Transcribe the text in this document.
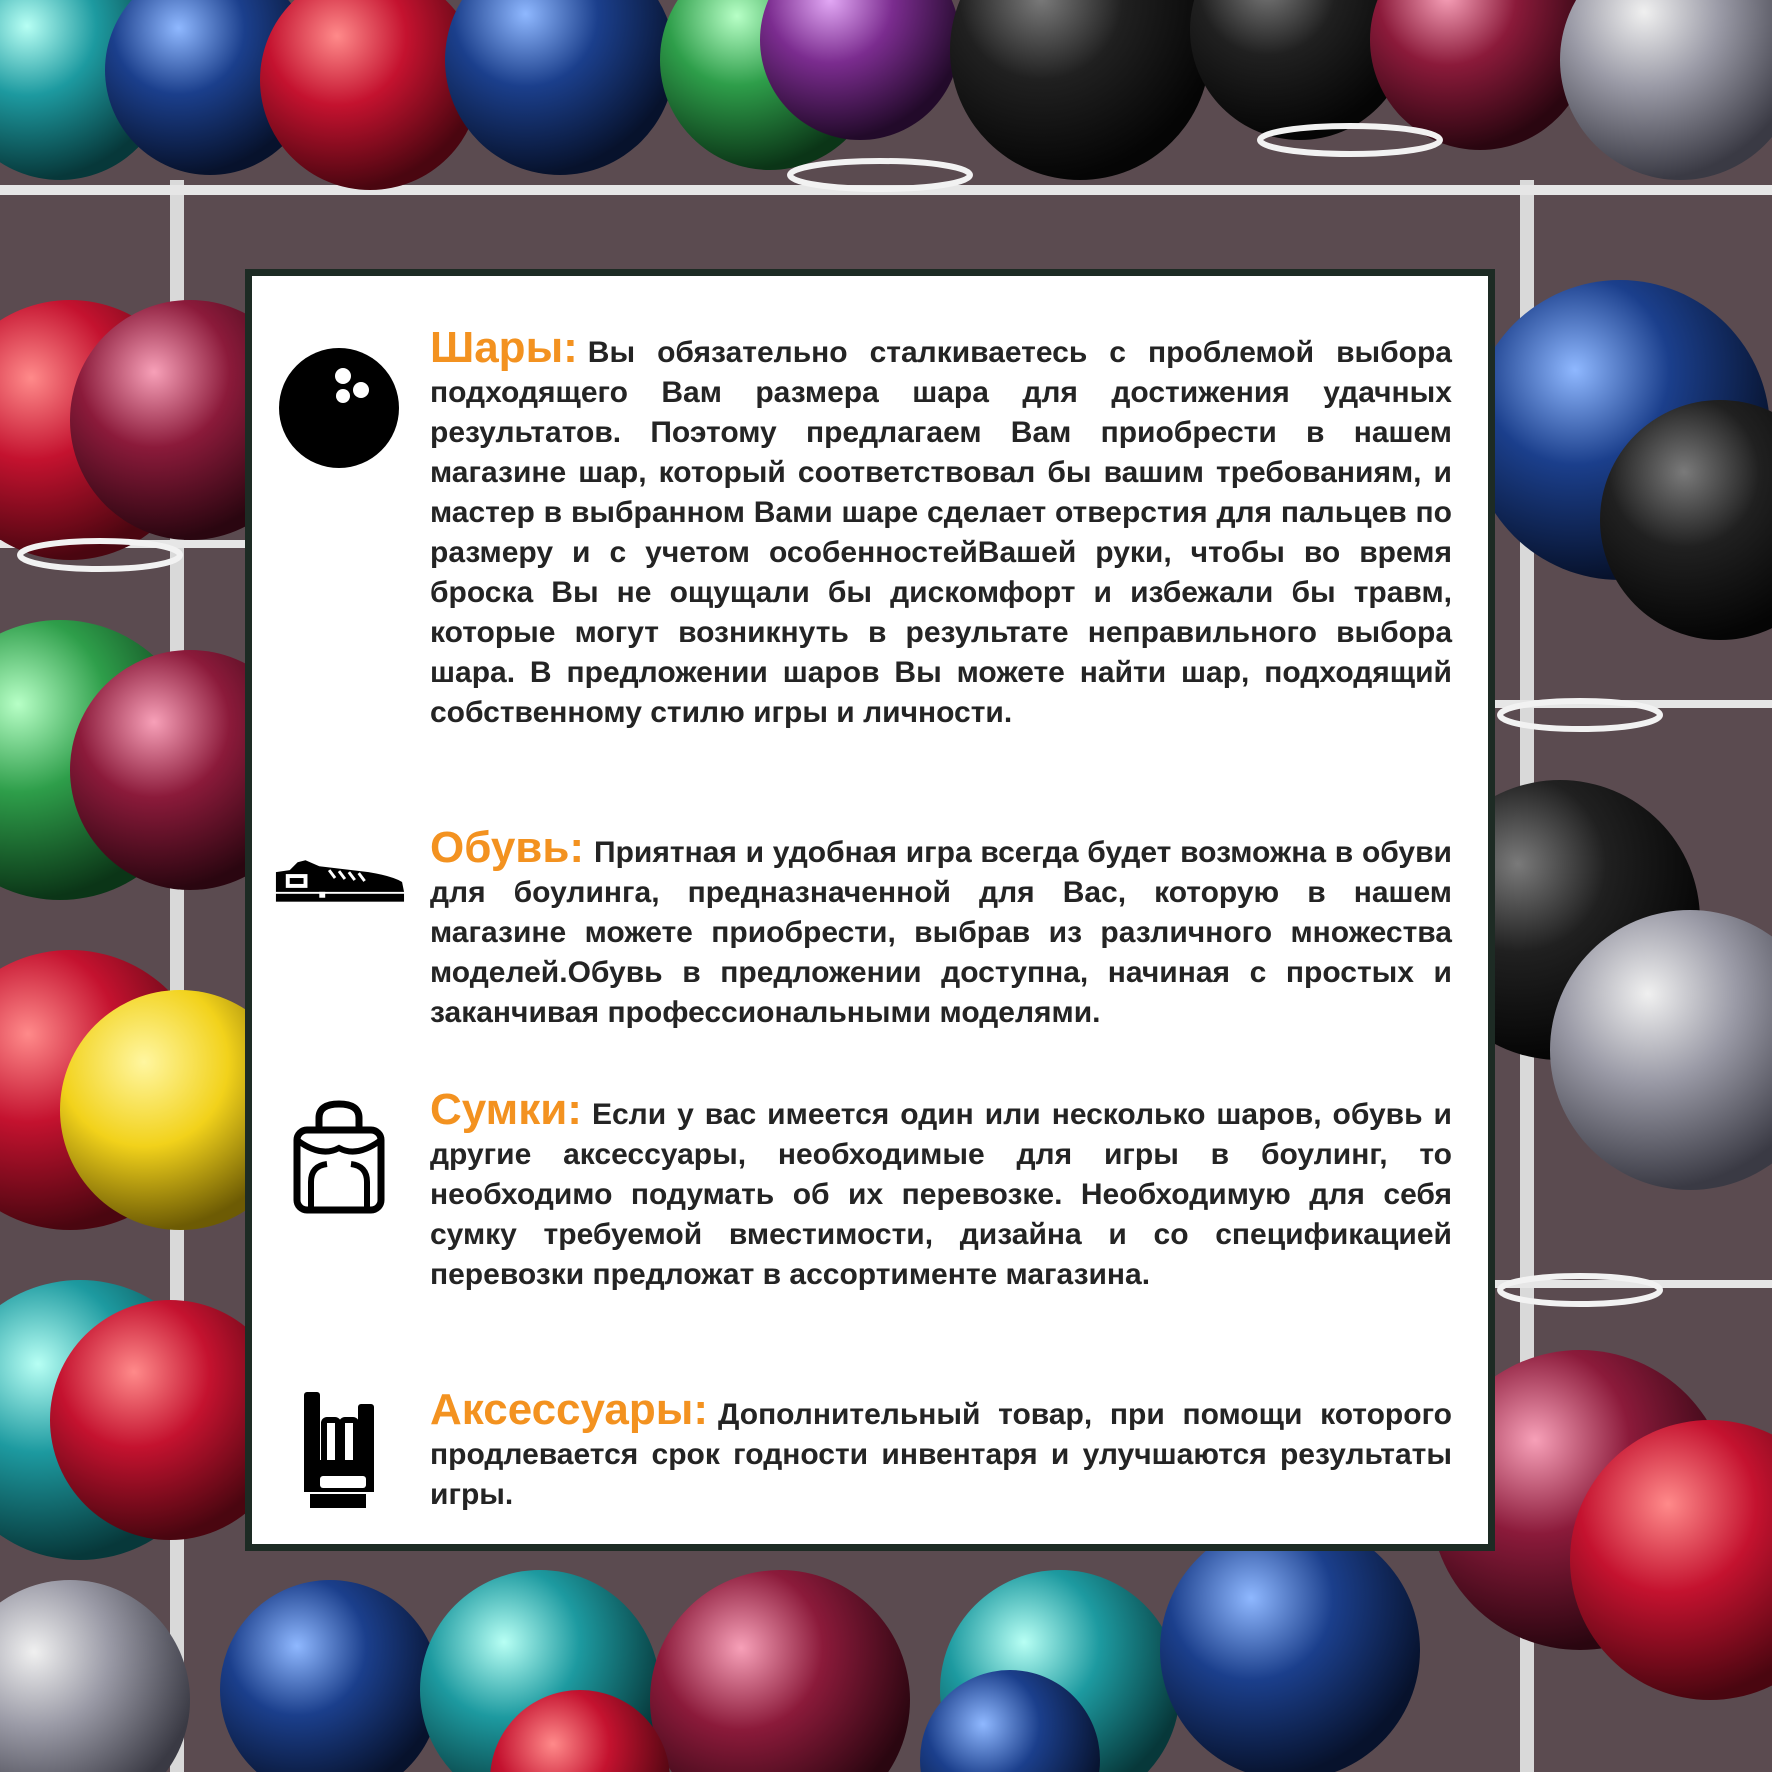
Шары: Вы обязательно сталкиваетесь с проблемой выбора подходящего Вам размера шара для достижения удачных результатов. Поэтому предлагаем Вам приобрести в нашем магазине шар, который соответствовал бы вашим требованиям, и мастер в выбранном Вами шаре сделает отверстия для пальцев по размеру и с учетом особенностейВашей руки, чтобы во время броска Вы не ощущали бы дискомфорт и избежали бы травм, которые могут возникнуть в результате неправильного выбора шара. В предложении шаров Вы можете найти шар, подходящий собственному стилю игры и личности.

Обувь: Приятная и удобная игра всегда будет возможна в обуви для боулинга, предназначенной для Вас, которую в нашем магазине можете приобрести, выбрав из различного множества моделей.Обувь в предложении доступна, начиная с простых и заканчивая профессиональными моделями.

Сумки: Если у вас имеется один или несколько шаров, обувь и другие аксессуары, необходимые для игры в боулинг, то необходимо подумать об их перевозке. Необходимую для себя сумку требуемой вместимости, дизайна и со спецификацией перевозки предложат в ассортименте магазина.

Аксессуары: Дополнительный товар, при помощи которого продлевается срок годности инвентаря и улучшаются результаты игры.
